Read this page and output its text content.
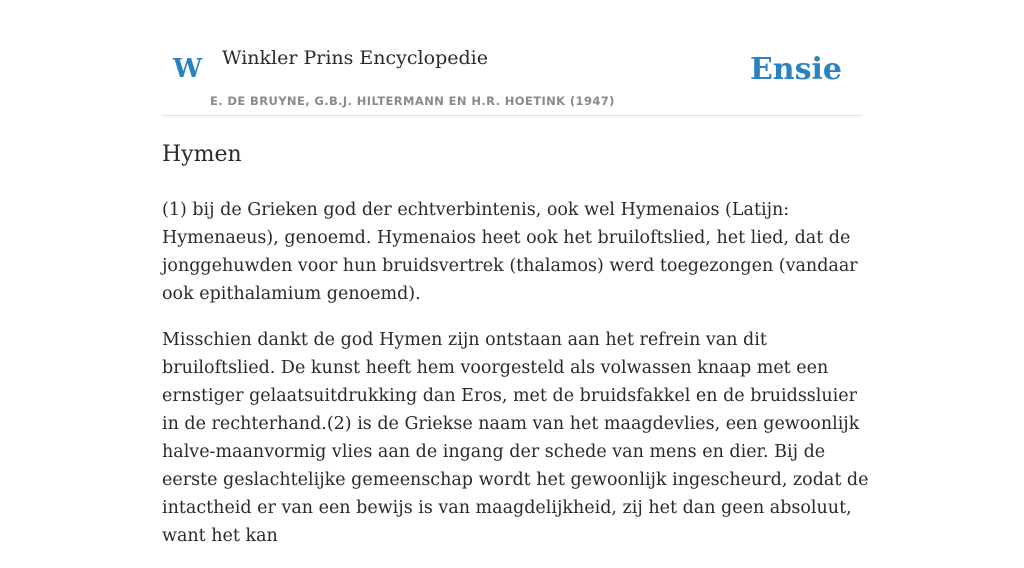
W Winkler Prins Encyclopedie
E. DE BRUYNE, G.B.J. HILTERMANN EN H.R. HOETINK (1947)
Ensie
Hymen

(1) bij de Grieken god der echtverbintenis, ook wel Hymenaios (Latijn: Hymenaeus), genoemd. Hymenaios heet ook het bruiloftslied, het lied, dat de jonggehuwden voor hun bruidsvertrek (thalamos) werd toegezongen (vandaar ook epithalamium genoemd).

Misschien dankt de god Hymen zijn ontstaan aan het refrein van dit bruiloftslied. De kunst heeft hem voorgesteld als volwassen knaap met een ernstiger gelaatsuitdrukking dan Eros, met de bruidsfakkel en de bruidssluier in de rechterhand.(2) is de Griekse naam van het maagdevlies, een gewoonlijk halve-maanvormig vlies aan de ingang der schede van mens en dier. Bij de eerste geslachtelijke gemeenschap wordt het gewoonlijk ingescheurd, zodat de intactheid er van een bewijs is van maagdelijkheid, zij het dan geen absoluut, want het kan
